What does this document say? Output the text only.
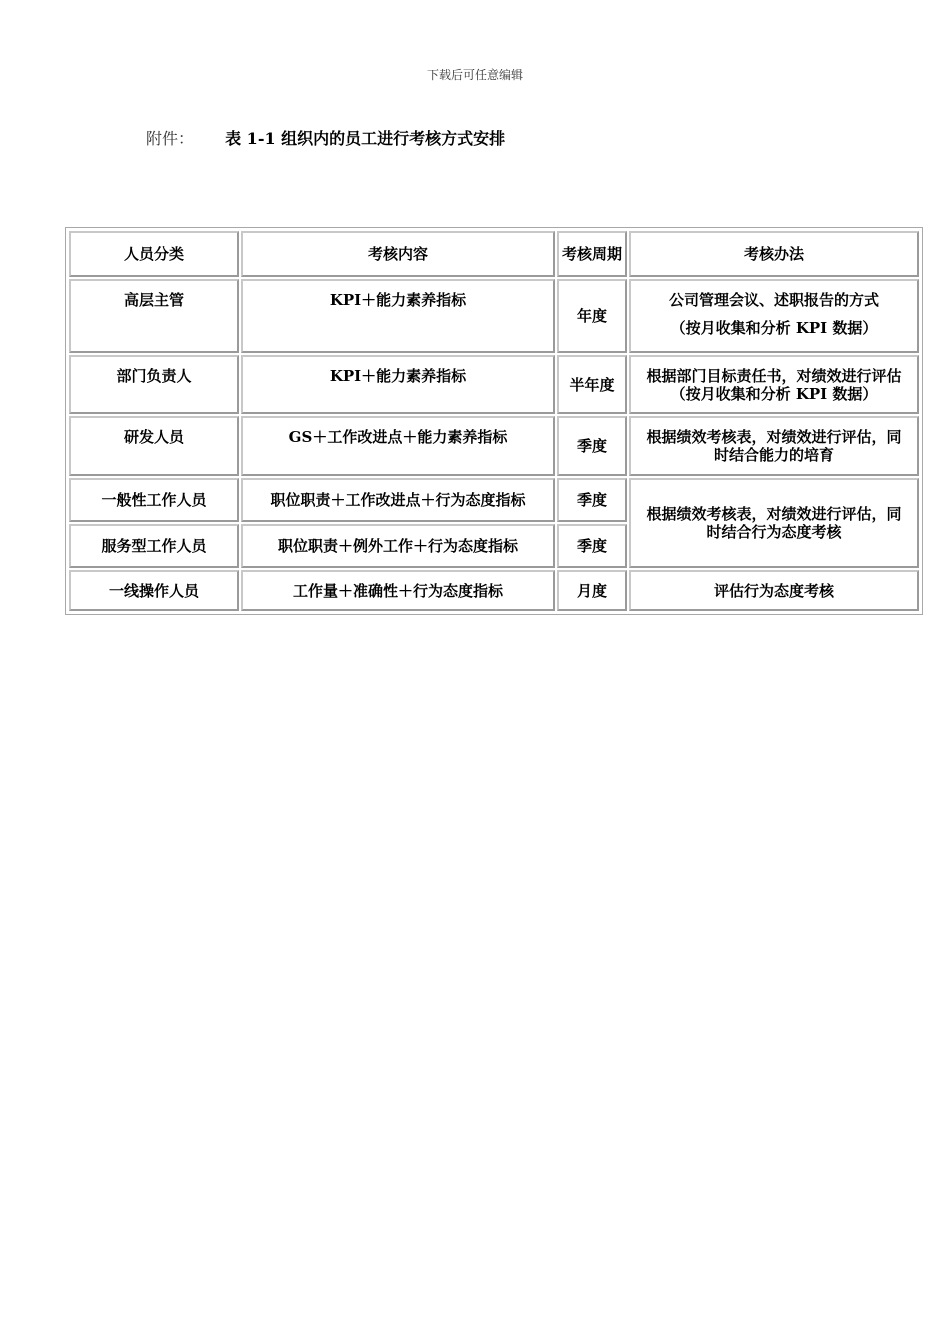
下载后可任意编辑
附件： 表 1-1 组织内的员工进行考核方式安排
人员分类	考核内容	考核周期	考核办法
高层主管	KPI＋能力素养指标	年度	公司管理会议、述职报告的方式
（按月收集和分析 KPI 数据）

部门负责人	KPI＋能力素养指标	半年度	根据部门目标责任书，对绩效进行评估
（按月收集和分析 KPI 数据）

研发人员	GS＋工作改进点＋能力素养指标	季度	根据绩效考核表，对绩效进行评估，同
时结合能力的培育

一般性工作人员	职位职责＋工作改进点＋行为态度指标	季度	根据绩效考核表，对绩效进行评估，同
时结合行为态度考核

服务型工作人员	职位职责＋例外工作＋行为态度指标	季度	
一线操作人员	工作量＋准确性＋行为态度指标	月度	评估行为态度考核
